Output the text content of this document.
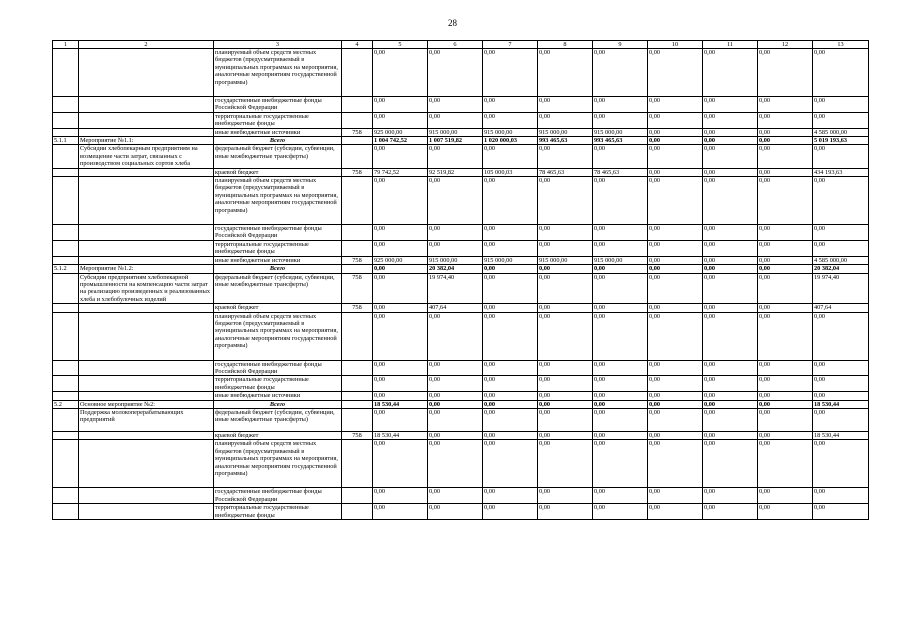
28
1	2	3	4	5	6	7	8	9	10	11	12	13
		планируемый объем средств местных бюджетов (предусматриваемый в муниципальных программах на мероприятия, аналогичные мероприятиям государственной программы)		0,00	0,00	0,00	0,00	0,00	0,00	0,00	0,00	0,00
		государственные внебюджетные фонды Российской Федерации		0,00	0,00	0,00	0,00	0,00	0,00	0,00	0,00	0,00
		территориальные государственные внебюджетные фонды		0,00	0,00	0,00	0,00	0,00	0,00	0,00	0,00	0,00
		иные внебюджетные источники	758	925 000,00	915 000,00	915 000,00	915 000,00	915 000,00	0,00	0,00	0,00	4 585 000,00
5.1.1	Мероприятие №1.1:	Всего		1 004 742,52	1 007 519,82	1 020 000,03	993 465,63	993 465,63	0,00	0,00	0,00	5 019 193,63
	Субсидии хлебопекарным предприятиям на возмещение части затрат, связанных с производством социальных сортов хлеба	федеральный бюджет (субсидии, субвенции, иные межбюджетные трансферты)		0,00	0,00	0,00	0,00	0,00	0,00	0,00	0,00	0,00
		краевой бюджет	758	79 742,52	92 519,82	105 000,03	78 465,63	78 465,63	0,00	0,00	0,00	434 193,63
		планируемый объем средств местных бюджетов (предусматриваемый в муниципальных программах на мероприятия, аналогичные мероприятиям государственной программы)		0,00	0,00	0,00	0,00	0,00	0,00	0,00	0,00	0,00
		государственные внебюджетные фонды Российской Федерации		0,00	0,00	0,00	0,00	0,00	0,00	0,00	0,00	0,00
		территориальные государственные внебюджетные фонды		0,00	0,00	0,00	0,00	0,00	0,00	0,00	0,00	0,00
		иные внебюджетные источники	758	925 000,00	915 000,00	915 000,00	915 000,00	915 000,00	0,00	0,00	0,00	4 585 000,00
5.1.2	Мероприятие №1.2:	Всего		0,00	20 382,04	0,00	0,00	0,00	0,00	0,00	0,00	20 382,04
	Субсидии предприятиям хлебопекарной промышленности на компенсацию части затрат на реализацию произведенных и реализованных хлеба и хлебобулочных изделий	федеральный бюджет (субсидии, субвенции, иные межбюджетные трансферты)	758	0,00	19 974,40	0,00	0,00	0,00	0,00	0,00	0,00	19 974,40
		краевой бюджет	758	0,00	407,64	0,00	0,00	0,00	0,00	0,00	0,00	407,64
		планируемый объем средств местных бюджетов (предусматриваемый в муниципальных программах на мероприятия, аналогичные мероприятиям государственной программы)		0,00	0,00	0,00	0,00	0,00	0,00	0,00	0,00	0,00
		государственные внебюджетные фонды Российской Федерации		0,00	0,00	0,00	0,00	0,00	0,00	0,00	0,00	0,00
		территориальные государственные внебюджетные фонды		0,00	0,00	0,00	0,00	0,00	0,00	0,00	0,00	0,00
		иные внебюджетные источники		0,00	0,00	0,00	0,00	0,00	0,00	0,00	0,00	0,00
5.2	Основное мероприятие №2:	Всего		18 530,44	0,00	0,00	0,00	0,00	0,00	0,00	0,00	18 530,44
	Поддержка молокоперерабатывающих предприятий	федеральный бюджет (субсидии, субвенции, иные межбюджетные трансферты)		0,00	0,00	0,00	0,00	0,00	0,00	0,00	0,00	0,00
		краевой бюджет	758	18 530,44	0,00	0,00	0,00	0,00	0,00	0,00	0,00	18 530,44
		планируемый объем средств местных бюджетов (предусматриваемый в муниципальных программах на мероприятия, аналогичные мероприятиям государственной программы)		0,00	0,00	0,00	0,00	0,00	0,00	0,00	0,00	0,00
		государственные внебюджетные фонды Российской Федерации		0,00	0,00	0,00	0,00	0,00	0,00	0,00	0,00	0,00
		территориальные государственные внебюджетные фонды		0,00	0,00	0,00	0,00	0,00	0,00	0,00	0,00	0,00
